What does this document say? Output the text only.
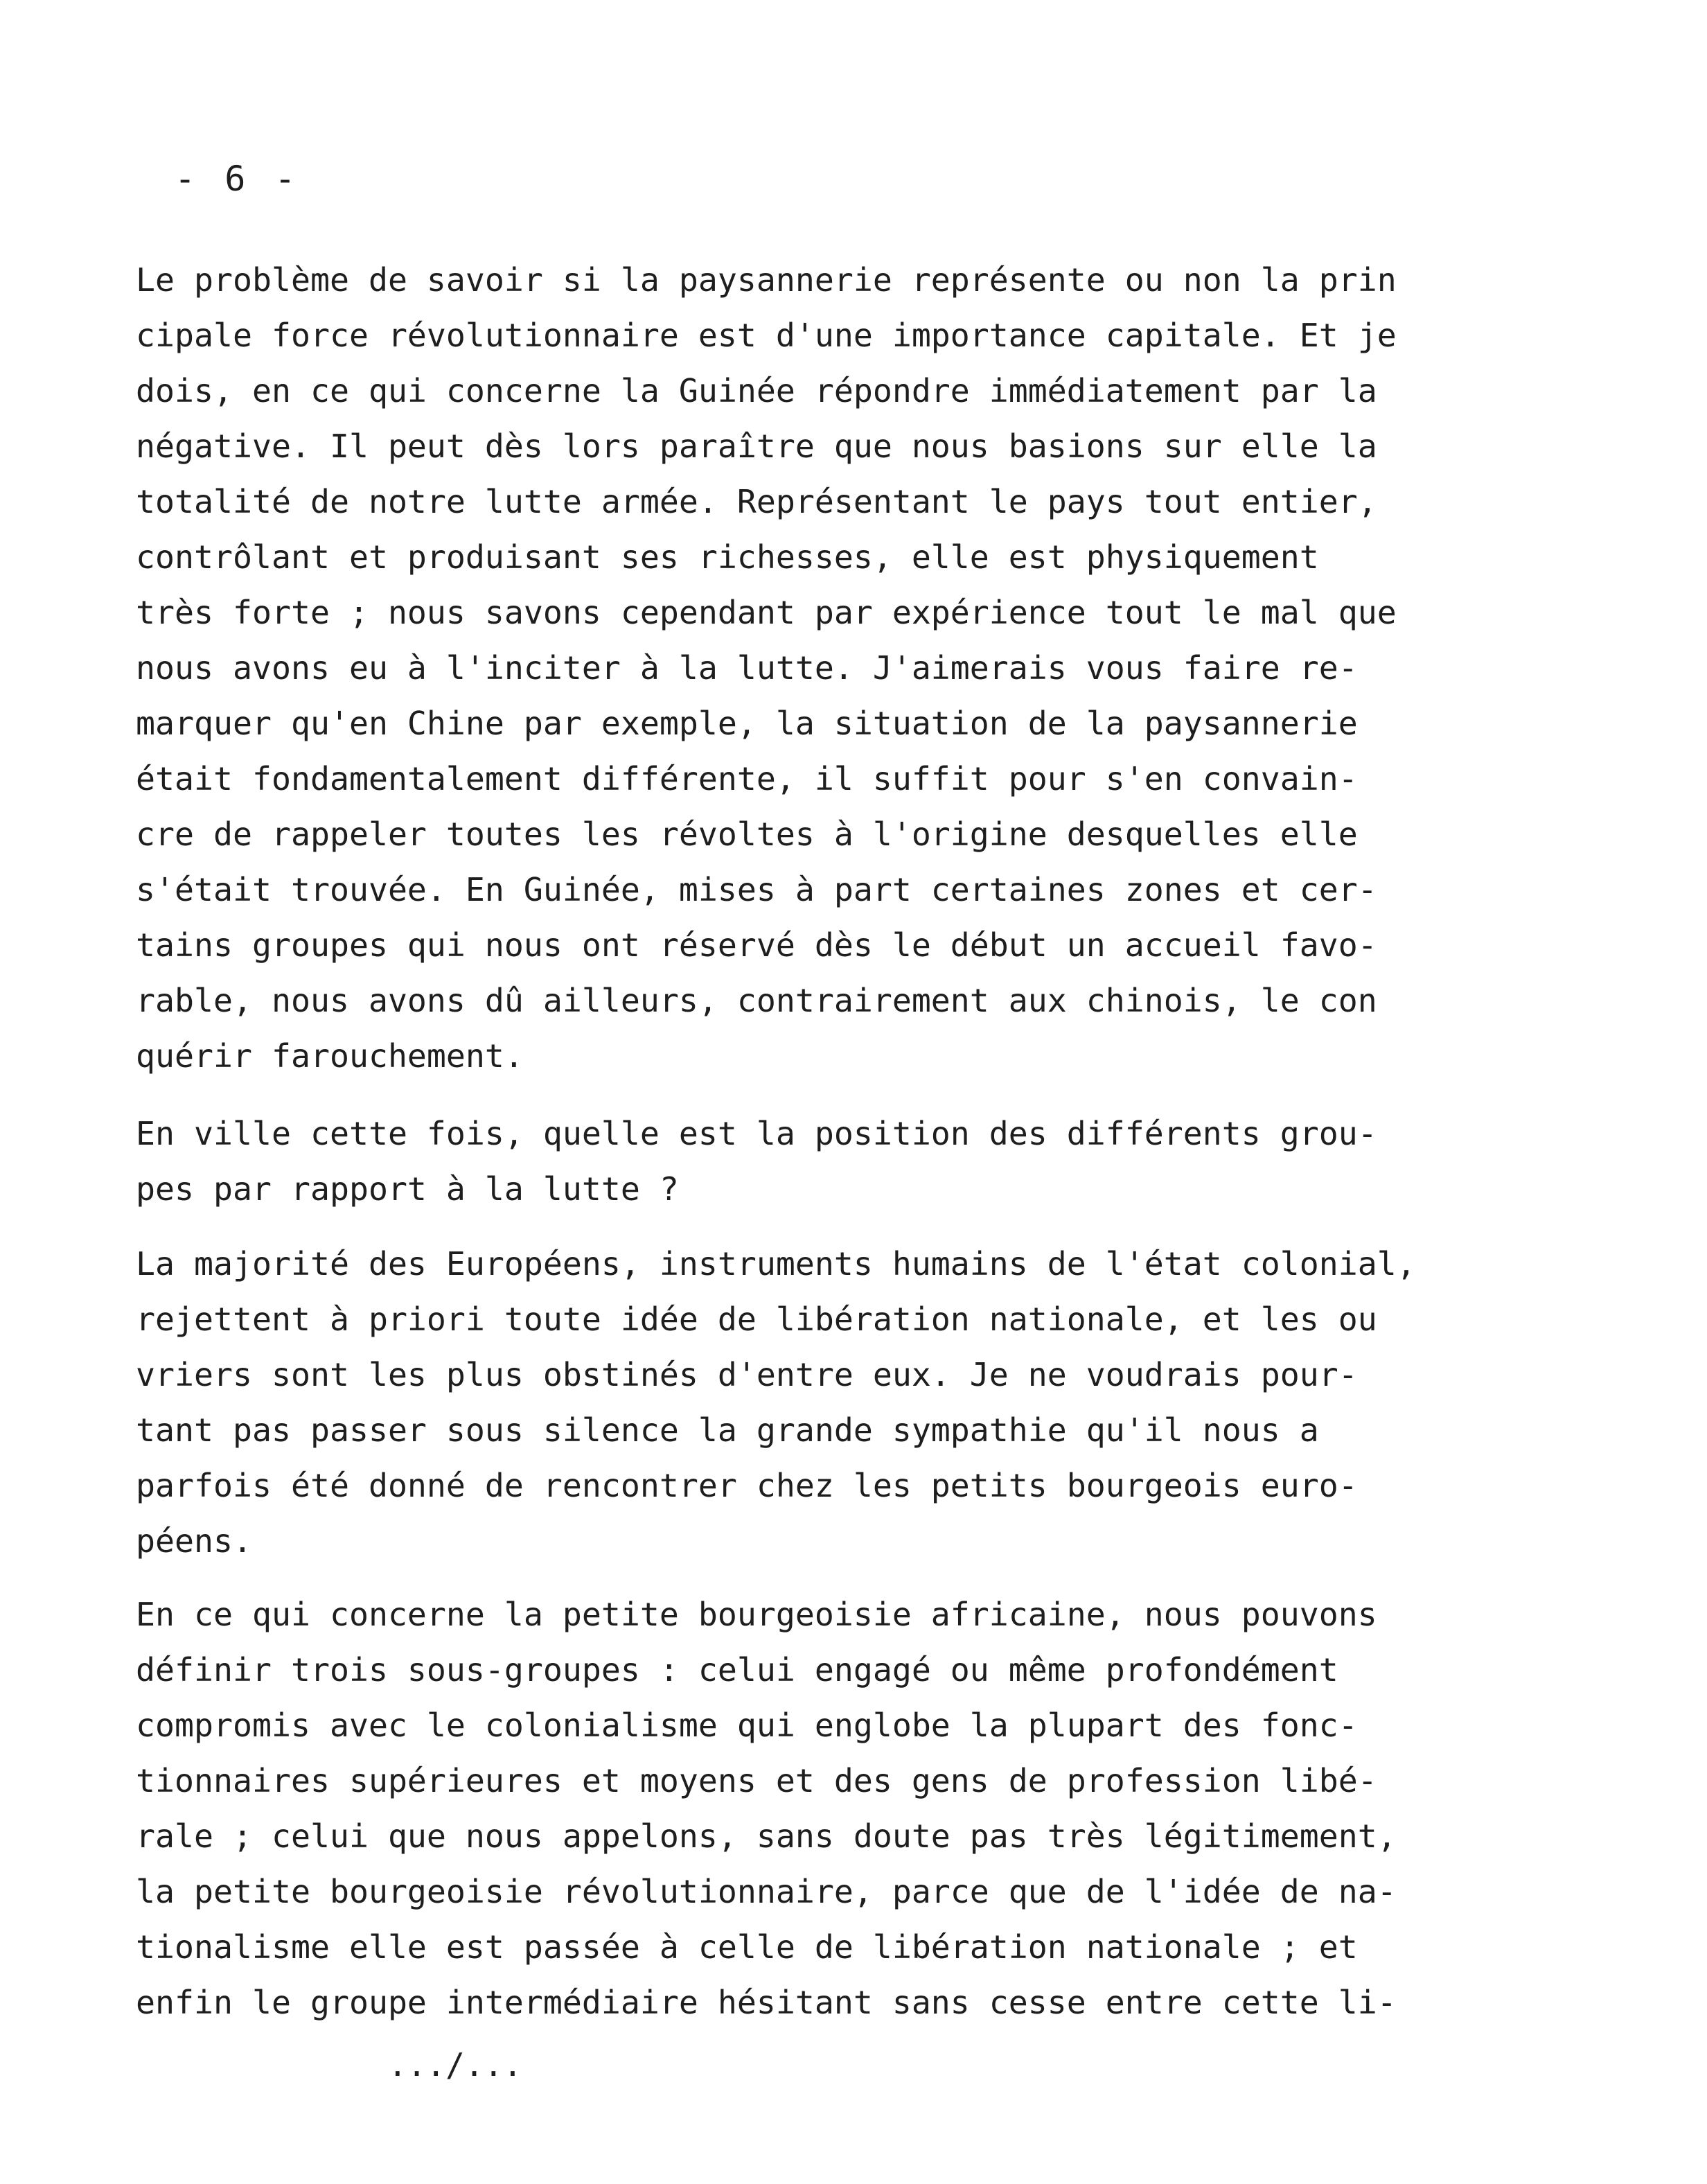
- 6 -
Le problème de savoir si la paysannerie représente ou non la prin
cipale force révolutionnaire est d'une importance capitale. Et je
dois, en ce qui concerne la Guinée répondre immédiatement par la
négative. Il peut dès lors paraître que nous basions sur elle la
totalité de notre lutte armée. Représentant le pays tout entier,
contrôlant et produisant ses richesses, elle est physiquement
très forte ; nous savons cependant par expérience tout le mal que
nous avons eu à l'inciter à la lutte. J'aimerais vous faire re-
marquer qu'en Chine par exemple, la situation de la paysannerie
était fondamentalement différente, il suffit pour s'en convain-
cre de rappeler toutes les révoltes à l'origine desquelles elle
s'était trouvée. En Guinée, mises à part certaines zones et cer-
tains groupes qui nous ont réservé dès le début un accueil favo-
rable, nous avons dû ailleurs, contrairement aux chinois, le con
quérir farouchement.
En ville cette fois, quelle est la position des différents grou-
pes par rapport à la lutte ?
La majorité des Européens, instruments humains de l'état colonial,
rejettent à priori toute idée de libération nationale, et les ou
vriers sont les plus obstinés d'entre eux. Je ne voudrais pour-
tant pas passer sous silence la grande sympathie qu'il nous a
parfois été donné de rencontrer chez les petits bourgeois euro-
péens.
En ce qui concerne la petite bourgeoisie africaine, nous pouvons
définir trois sous-groupes : celui engagé ou même profondément
compromis avec le colonialisme qui englobe la plupart des fonc-
tionnaires supérieures et moyens et des gens de profession libé-
rale ; celui que nous appelons, sans doute pas très légitimement,
la petite bourgeoisie révolutionnaire, parce que de l'idée de na-
tionalisme elle est passée à celle de libération nationale ; et
enfin le groupe intermédiaire hésitant sans cesse entre cette li-
.../...
